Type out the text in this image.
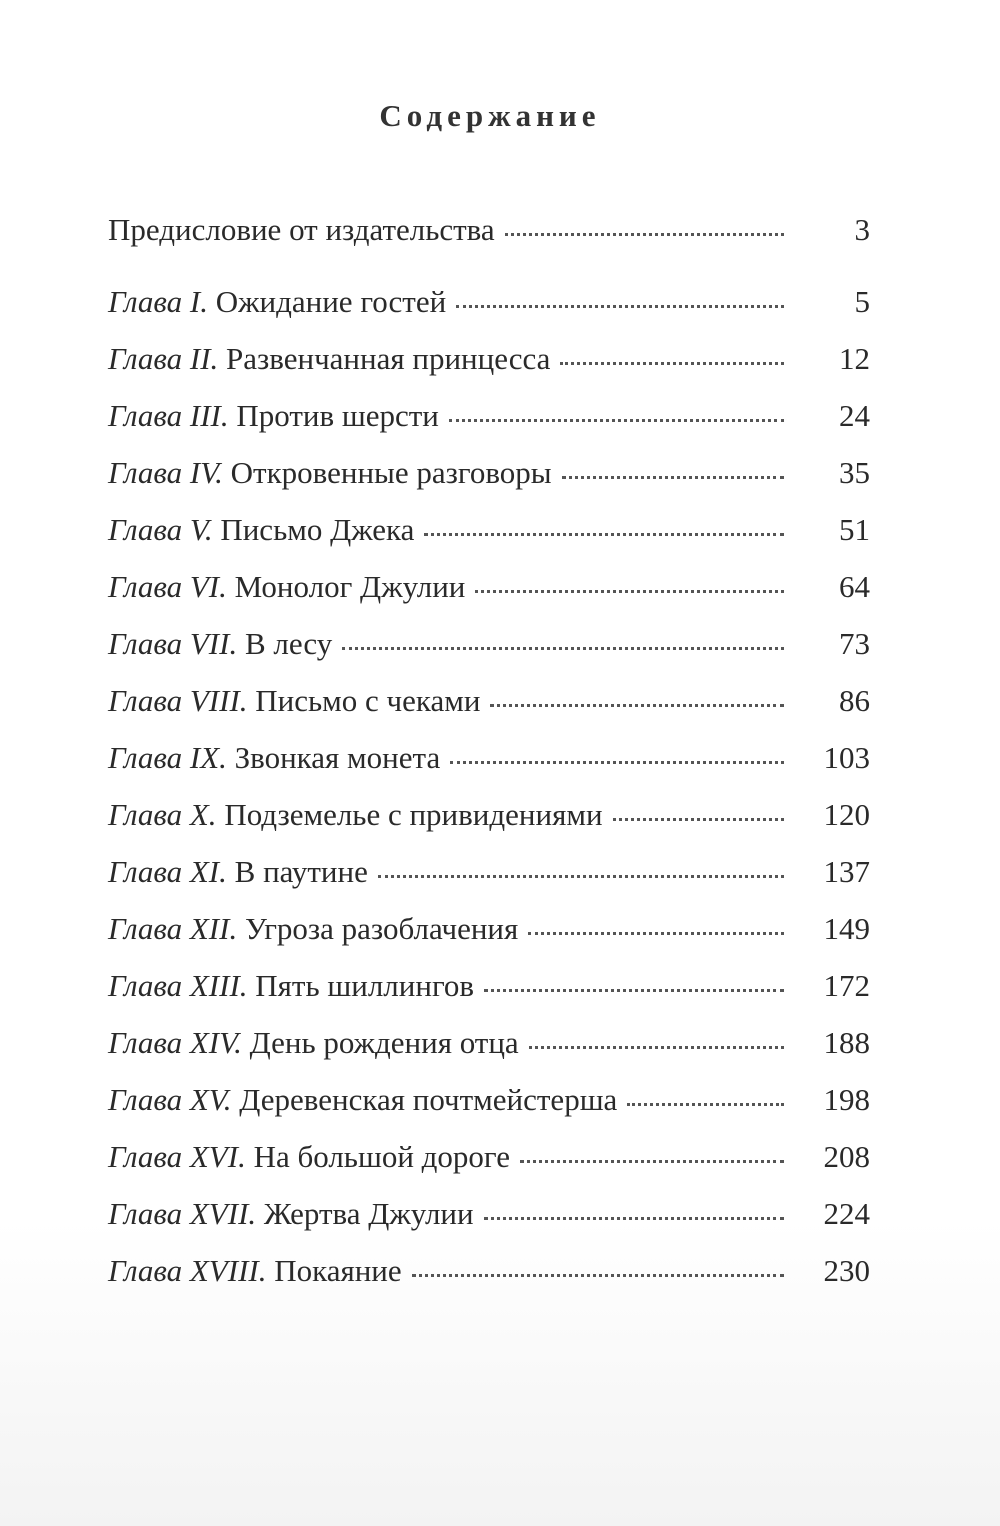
Содержание
Предисловие от издательства	3
Глава I. Ожидание гостей	5
Глава II. Развенчанная принцесса	12
Глава III. Против шерсти	24
Глава IV. Откровенные разговоры	35
Глава V. Письмо Джека	51
Глава VI. Монолог Джулии	64
Глава VII. В лесу	73
Глава VIII. Письмо с чеками	86
Глава IX. Звонкая монета	103
Глава X. Подземелье с привидениями	120
Глава XI. В паутине	137
Глава XII. Угроза разоблачения	149
Глава XIII. Пять шиллингов	172
Глава XIV. День рождения отца	188
Глава XV. Деревенская почтмейстерша	198
Глава XVI. На большой дороге	208
Глава XVII. Жертва Джулии	224
Глава XVIII. Покаяние	230
